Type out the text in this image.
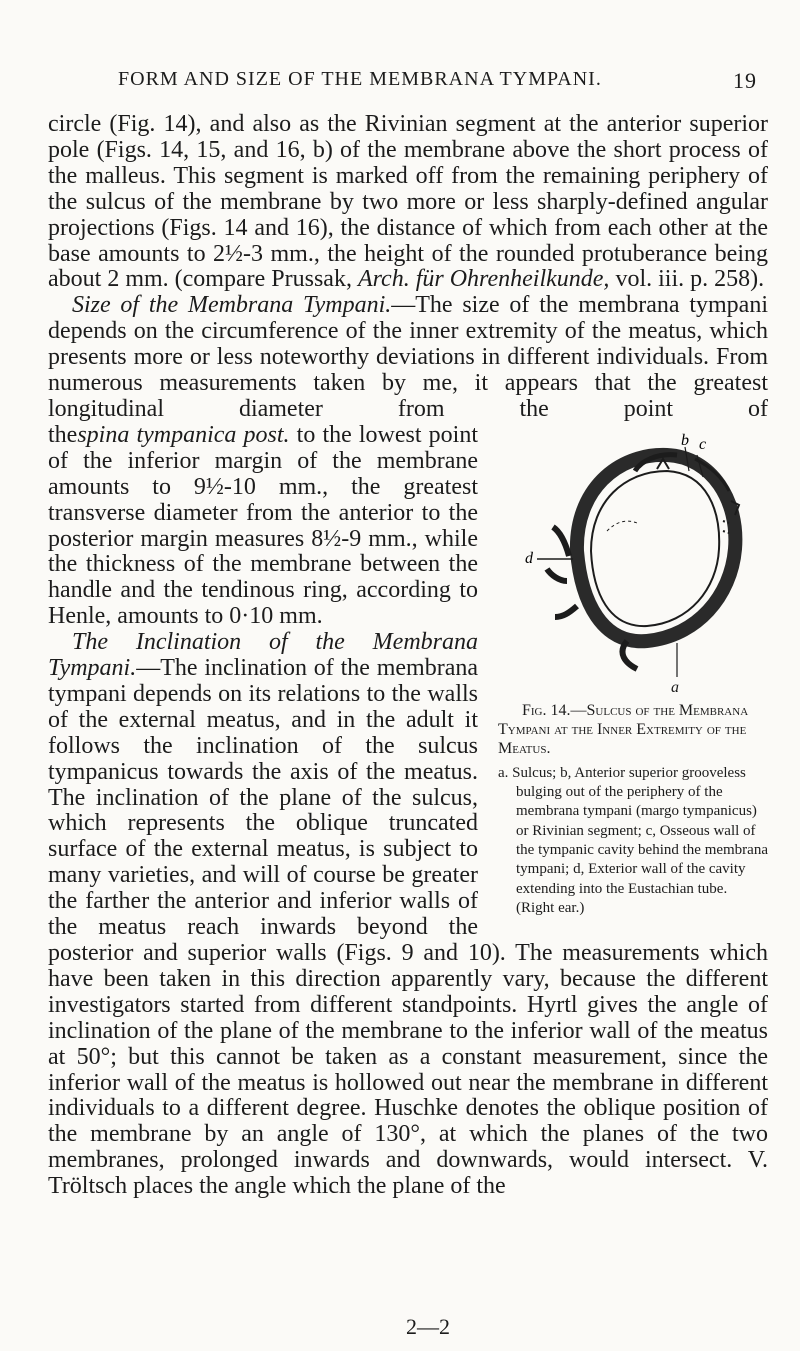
FORM AND SIZE OF THE MEMBRANA TYMPANI.	19

circle (Fig. 14), and also as the Rivinian segment at the anterior superior pole (Figs. 14, 15, and 16, b) of the membrane above the short process of the malleus. This segment is marked off from the remaining periphery of the sulcus of the membrane by two more or less sharply-defined angular projections (Figs. 14 and 16), the distance of which from each other at the base amounts to 2½-3 mm., the height of the rounded protuberance being about 2 mm. (compare Prussak, Arch. für Ohrenheilkunde, vol. iii. p. 258).

Size of the Membrana Tympani.—The size of the membrana tympani depends on the circumference of the inner extremity of the meatus, which presents more or less noteworthy deviations in different individuals. From numerous measurements taken by me, it appears that the greatest longitudinal diameter from the point of the	b c
d
a
Fig. 14.—Sulcus of the Membrana Tympani at the Inner Extremity of the Meatus.
a. Sulcus; b, Anterior superior grooveless bulging out of the periphery of the membrana tympani (margo tympanicus) or Rivinian segment; c, Osseous wall of the tympanic cavity behind the membrana tympani; d, Exterior wall of the cavity extending into the Eustachian tube. (Right ear.)
spina tympanica post. to the lowest point of the inferior margin of the membrane amounts to 9½-10 mm., the greatest transverse diameter from the anterior to the posterior margin measures 8½-9 mm., while the thickness of the membrane between the handle and the tendinous ring, according to Henle, amounts to 0·10 mm.

The Inclination of the Membrana Tympani.—The inclination of the membrana tympani depends on its relations to the walls of the external meatus, and in the adult it follows the inclination of the sulcus tympanicus towards the axis of the meatus. The inclination of the plane of the sulcus, which represents the oblique truncated surface of the external meatus, is subject to many varieties, and will of course be greater the farther the anterior and inferior walls of the meatus reach inwards beyond the posterior and superior walls (Figs. 9 and 10). The measurements which have been taken in this direction apparently vary, because the different investigators started from different standpoints. Hyrtl gives the angle of inclination of the plane of the membrane to the inferior wall of the meatus at 50°; but this cannot be taken as a constant measurement, since the inferior wall of the meatus is hollowed out near the membrane in different individuals to a different degree. Huschke denotes the oblique position of the membrane by an angle of 130°, at which the planes of the two membranes, prolonged inwards and downwards, would intersect. V. Tröltsch places the angle which the plane of the

2—2
